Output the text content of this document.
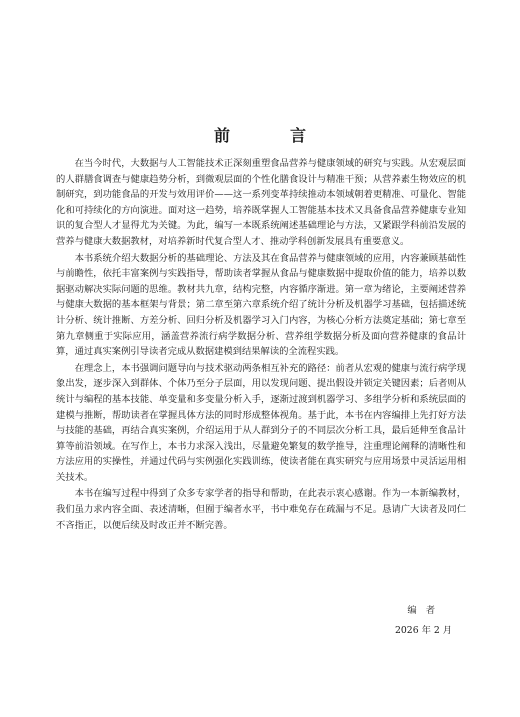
前　言

在当今时代，大数据与人工智能技术正深刻重塑食品营养与健康领域的研究与实践。从宏观层面的人群膳食调查与健康趋势分析，到微观层面的个性化膳食设计与精准干预；从营养素生物效应的机制研究，到功能食品的开发与效用评价——这一系列变革持续推动本领域朝着更精准、可量化、智能化和可持续化的方向演进。面对这一趋势，培养既掌握人工智能基本技术又具备食品营养健康专业知识的复合型人才显得尤为关键。为此，编写一本既系统阐述基础理论与方法，又紧跟学科前沿发展的营养与健康大数据教材，对培养新时代复合型人才、推动学科创新发展具有重要意义。

本书系统介绍大数据分析的基础理论、方法及其在食品营养与健康领域的应用，内容兼顾基础性与前瞻性，依托丰富案例与实践指导，帮助读者掌握从食品与健康数据中提取价值的能力，培养以数据驱动解决实际问题的思维。教材共九章，结构完整，内容循序渐进。第一章为绪论，主要阐述营养与健康大数据的基本框架与背景；第二章至第六章系统介绍了统计分析及机器学习基础，包括描述统计分析、统计推断、方差分析、回归分析及机器学习入门内容，为核心分析方法奠定基础；第七章至第九章侧重于实际应用，涵盖营养流行病学数据分析、营养组学数据分析及面向营养健康的食品计算，通过真实案例引导读者完成从数据建模到结果解读的全流程实践。

在理念上，本书强调问题导向与技术驱动两条相互补充的路径：前者从宏观的健康与流行病学现象出发，逐步深入到群体、个体乃至分子层面，用以发现问题、提出假设并锁定关键因素；后者则从统计与编程的基本技能、单变量和多变量分析入手，逐渐过渡到机器学习、多组学分析和系统层面的建模与推断，帮助读者在掌握具体方法的同时形成整体视角。基于此，本书在内容编排上先打好方法与技能的基础，再结合真实案例，介绍运用于从人群到分子的不同层次分析工具，最后延伸至食品计算等前沿领域。在写作上，本书力求深入浅出，尽量避免繁复的数学推导，注重理论阐释的清晰性和方法应用的实操性，并通过代码与实例强化实践训练，使读者能在真实研究与应用场景中灵活运用相关技术。

本书在编写过程中得到了众多专家学者的指导和帮助，在此表示衷心感谢。作为一本新编教材，我们虽力求内容全面、表述清晰，但囿于编者水平，书中难免存在疏漏与不足。恳请广大读者及同仁不吝指正，以便后续及时改正并不断完善。

编者
2026 年 2 月
